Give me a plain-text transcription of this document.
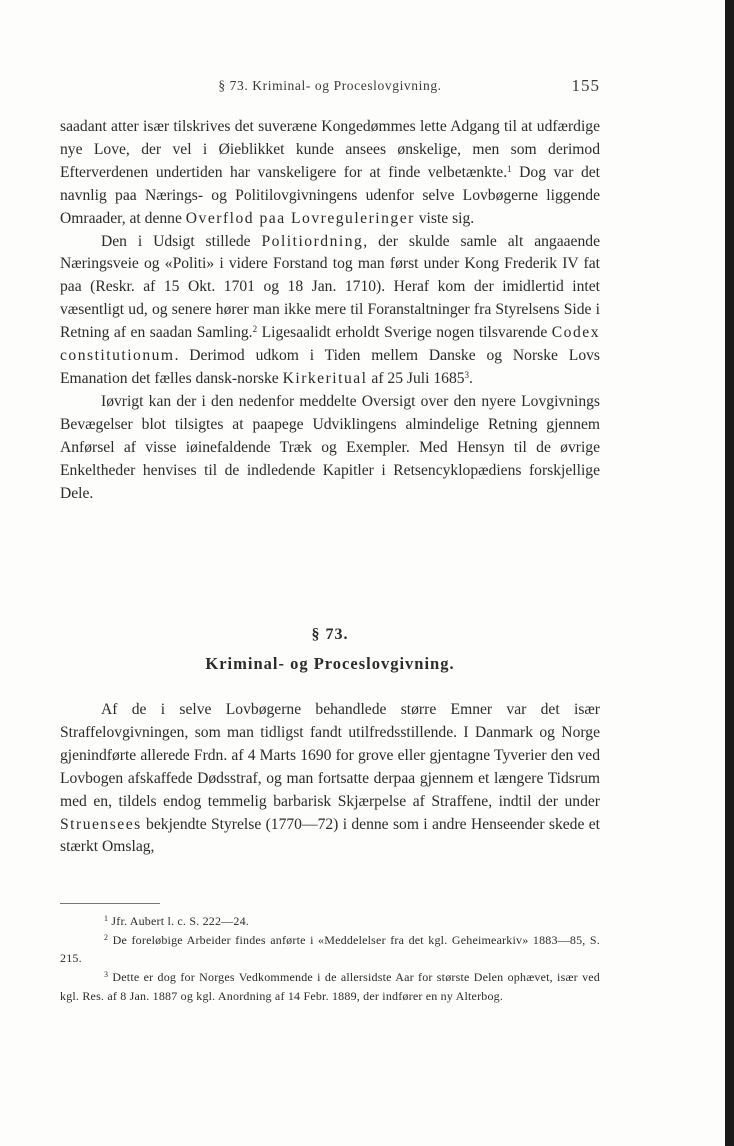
§ 73. Kriminal- og Proceslovgivning.	155

saadant atter især tilskrives det suveræne Kongedømmes lette Adgang til at udfærdige nye Love, der vel i Øieblikket kunde ansees ønskelige, men som derimod Efterverdenen undertiden har vanskeligere for at finde velbetænkte.$^1$ Dog var det navnlig paa Nærings- og Politilovgivningens udenfor selve Lovbøgerne liggende Omraader, at denne Overflod paa Lovreguleringer viste sig.

Den i Udsigt stillede Politiordning, der skulde samle alt angaaende Næringsveie og «Politi» i videre Forstand tog man først under Kong Frederik IV fat paa (Reskr. af 15 Okt. 1701 og 18 Jan. 1710). Heraf kom der imidlertid intet væsentligt ud, og senere hører man ikke mere til Foranstaltninger fra Styrelsens Side i Retning af en saadan Samling.$^2$ Ligesaalidt erholdt Sverige nogen tilsvarende Codex constitutionum. Derimod udkom i Tiden mellem Danske og Norske Lovs Emanation det fælles dansk-norske Kirkeritual af 25 Juli 1685$^3$.

Iøvrigt kan der i den nedenfor meddelte Oversigt over den nyere Lovgivnings Bevægelser blot tilsigtes at paapege Udviklingens almindelige Retning gjennem Anførsel af visse iøinefaldende Træk og Exempler. Med Hensyn til de øvrige Enkeltheder henvises til de indledende Kapitler i Retsencyklopædiens forskjellige Dele.

§ 73.
Kriminal- og Proceslovgivning.

Af de i selve Lovbøgerne behandlede større Emner var det især Straffelovgivningen, som man tidligst fandt utilfredsstillende. I Danmark og Norge gjenindførte allerede Frdn. af 4 Marts 1690 for grove eller gjentagne Tyverier den ved Lovbogen afskaffede Dødsstraf, og man fortsatte derpaa gjennem et længere Tidsrum med en, tildels endog temmelig barbarisk Skjærpelse af Straffene, indtil der under Struensees bekjendte Styrelse (1770—72) i denne som i andre Henseender skede et stærkt Omslag,

$^1$ Jfr. Aubert l. c. S. 222—24.

$^2$ De foreløbige Arbeider findes anførte i «Meddelelser fra det kgl. Geheimearkiv» 1883—85, S. 215.

$^3$ Dette er dog for Norges Vedkommende i de allersidste Aar for største Delen ophævet, især ved kgl. Res. af 8 Jan. 1887 og kgl. Anordning af 14 Febr. 1889, der indfører en ny Alterbog.
